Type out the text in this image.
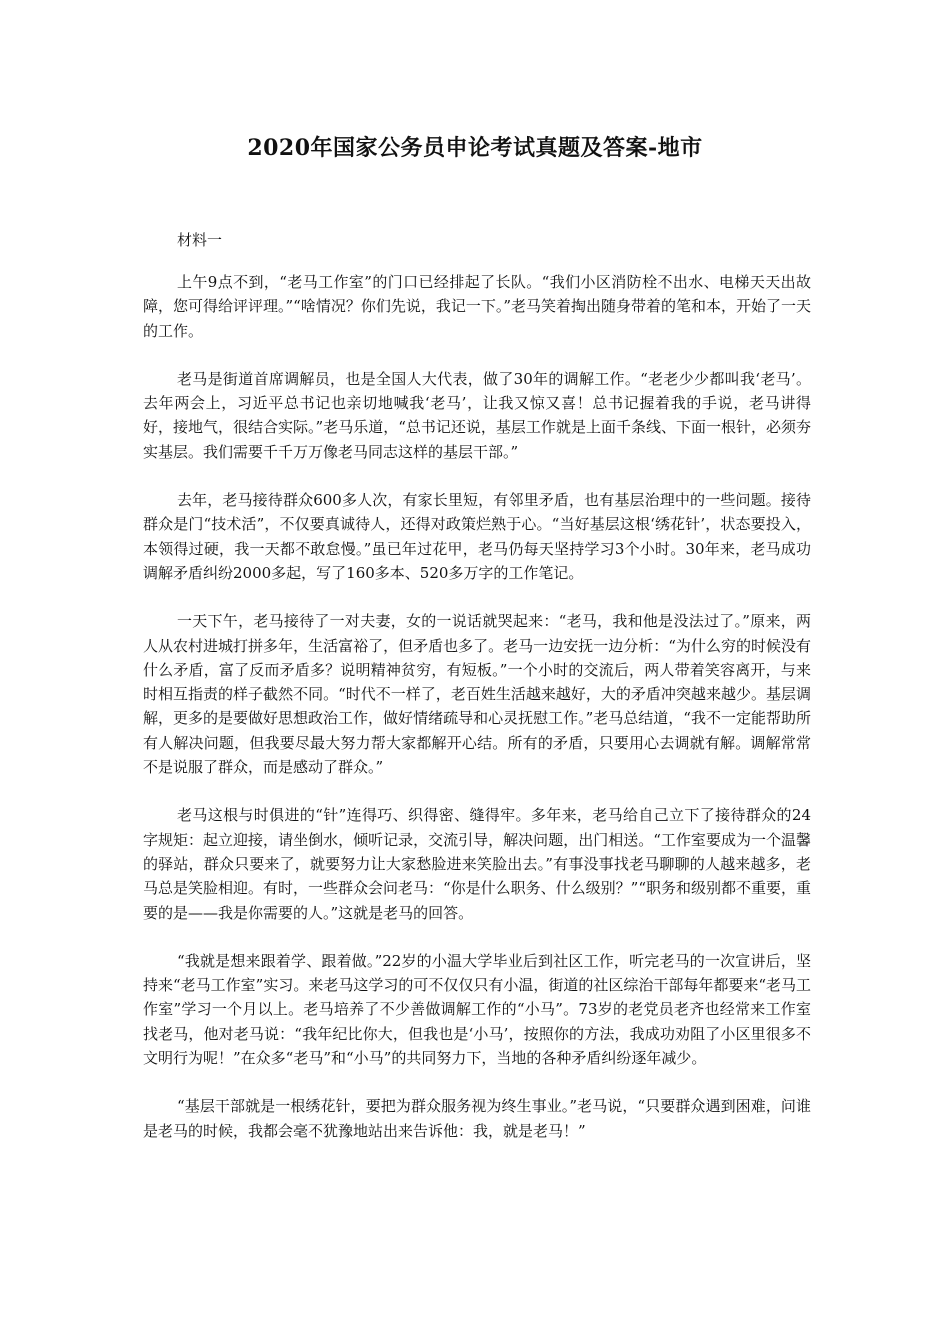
2020年国家公务员申论考试真题及答案-地市

材料一

上午9点不到，“老马工作室”的门口已经排起了长队。“我们小区消防栓不出水、电梯天天出故障，您可得给评评理。”“啥情况？你们先说，我记一下。”老马笑着掏出随身带着的笔和本，开始了一天的工作。

老马是街道首席调解员，也是全国人大代表，做了30年的调解工作。“老老少少都叫我‘老马’。去年两会上，习近平总书记也亲切地喊我‘老马’，让我又惊又喜！总书记握着我的手说，老马讲得好，接地气，很结合实际。”老马乐道，“总书记还说，基层工作就是上面千条线、下面一根针，必须夯实基层。我们需要千千万万像老马同志这样的基层干部。”

去年，老马接待群众600多人次，有家长里短，有邻里矛盾，也有基层治理中的一些问题。接待群众是门“技术活”，不仅要真诚待人，还得对政策烂熟于心。“当好基层这根‘绣花针’，状态要投入，本领得过硬，我一天都不敢怠慢。”虽已年过花甲，老马仍每天坚持学习3个小时。30年来，老马成功调解矛盾纠纷2000多起，写了160多本、520多万字的工作笔记。

一天下午，老马接待了一对夫妻，女的一说话就哭起来：“老马，我和他是没法过了。”原来，两人从农村进城打拼多年，生活富裕了，但矛盾也多了。老马一边安抚一边分析：“为什么穷的时候没有什么矛盾，富了反而矛盾多？说明精神贫穷，有短板。”一个小时的交流后，两人带着笑容离开，与来时相互指责的样子截然不同。“时代不一样了，老百姓生活越来越好，大的矛盾冲突越来越少。基层调解，更多的是要做好思想政治工作，做好情绪疏导和心灵抚慰工作。”老马总结道，“我不一定能帮助所有人解决问题，但我要尽最大努力帮大家都解开心结。所有的矛盾，只要用心去调就有解。调解常常不是说服了群众，而是感动了群众。”

老马这根与时俱进的“针”连得巧、织得密、缝得牢。多年来，老马给自己立下了接待群众的24字规矩：起立迎接，请坐倒水，倾听记录，交流引导，解决问题，出门相送。“工作室要成为一个温馨的驿站，群众只要来了，就要努力让大家愁脸进来笑脸出去。”有事没事找老马聊聊的人越来越多，老马总是笑脸相迎。有时，一些群众会问老马：“你是什么职务、什么级别？”“职务和级别都不重要，重要的是——我是你需要的人。”这就是老马的回答。

“我就是想来跟着学、跟着做。”22岁的小温大学毕业后到社区工作，听完老马的一次宣讲后，坚持来“老马工作室”实习。来老马这学习的可不仅仅只有小温，街道的社区综治干部每年都要来“老马工作室”学习一个月以上。老马培养了不少善做调解工作的“小马”。73岁的老党员老齐也经常来工作室找老马，他对老马说：“我年纪比你大，但我也是‘小马’，按照你的方法，我成功劝阻了小区里很多不文明行为呢！”在众多“老马”和“小马”的共同努力下，当地的各种矛盾纠纷逐年减少。

“基层干部就是一根绣花针，要把为群众服务视为终生事业。”老马说，“只要群众遇到困难，问谁是老马的时候，我都会毫不犹豫地站出来告诉他：我，就是老马！”
